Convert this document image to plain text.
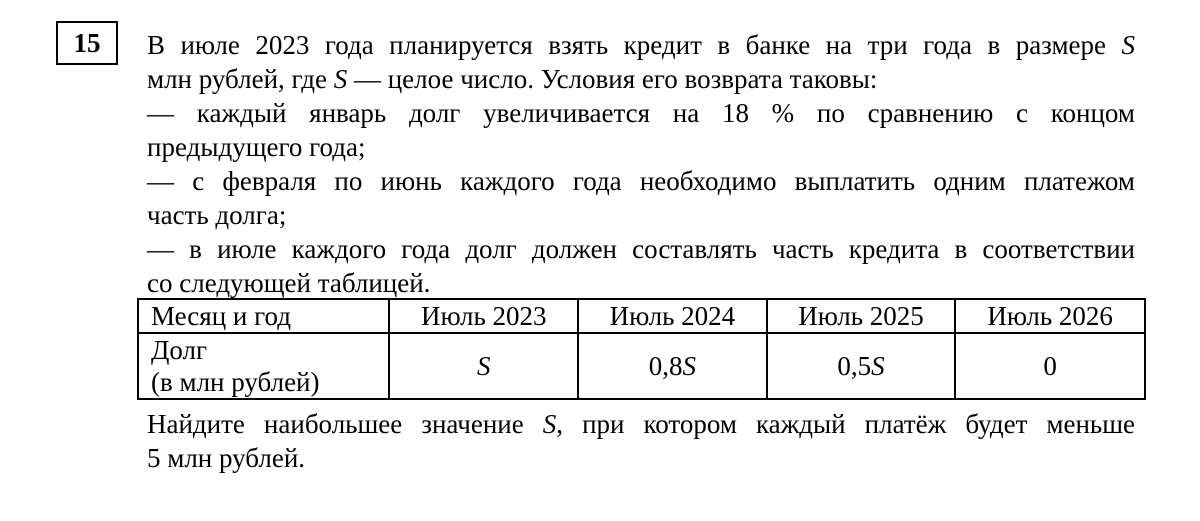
15	В июле 2023 года планируется взять кредит в банке на три года в размере S
млн рублей, где S — целое число. Условия его возврата таковы:
— каждый январь долг увеличивается на 18 % по сравнению с концом
предыдущего года;
— с февраля по июнь каждого года необходимо выплатить одним платежом
часть долга;
— в июле каждого года долг должен составлять часть кредита в соответствии
со следующей таблицей.
Месяц и год	Июль 2023	Июль 2024	Июль 2025	Июль 2026

Долг
(в млн рублей)	S	0,8S	0,5S	0
Найдите наибольшее значение S, при котором каждый платёж будет меньше
5 млн рублей.
